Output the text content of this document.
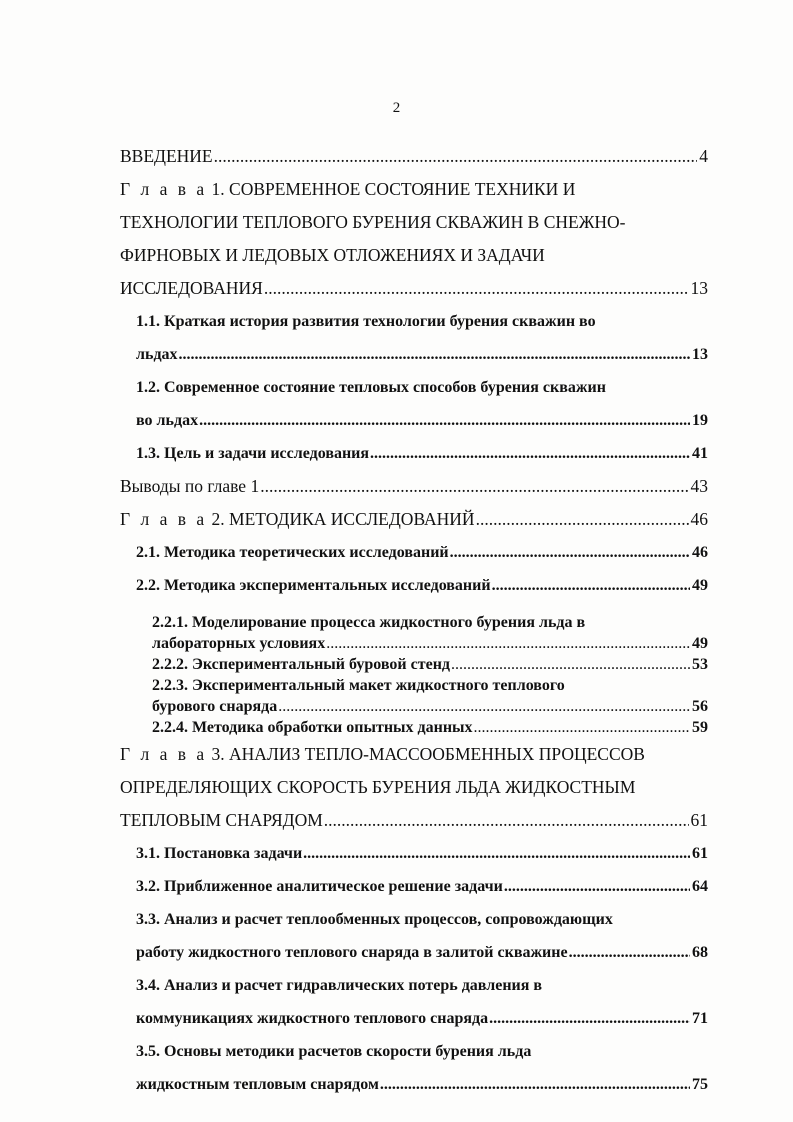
2
ВВЕДЕНИЕ .....	4
Г л а в а 1. СОВРЕМЕННОЕ СОСТОЯНИЕ ТЕХНИКИ И
ТЕХНОЛОГИИ ТЕПЛОВОГО БУРЕНИЯ СКВАЖИН В СНЕЖНО-
ФИРНОВЫХ И ЛЕДОВЫХ ОТЛОЖЕНИЯХ И ЗАДАЧИ
ИССЛЕДОВАНИЯ .....	13
1.1. Краткая история развития технологии бурения скважин во
льдах .....	13
1.2. Современное состояние тепловых способов бурения скважин
во льдах .....	19
1.3. Цель и задачи исследования .....	41
Выводы по главе 1 .....	43
Г л а в а 2. МЕТОДИКА ИССЛЕДОВАНИЙ .....	46
2.1. Методика теоретических исследований .....	46
2.2. Методика экспериментальных исследований .....	49
2.2.1. Моделирование процесса жидкостного бурения льда в
лабораторных условиях .....	49
2.2.2. Экспериментальный буровой стенд .....	53
2.2.3. Экспериментальный макет жидкостного теплового
бурового снаряда .....	56
2.2.4. Методика обработки опытных данных .....	59
Г л а в а 3. АНАЛИЗ ТЕПЛО-МАССООБМЕННЫХ ПРОЦЕССОВ
ОПРЕДЕЛЯЮЩИХ СКОРОСТЬ БУРЕНИЯ ЛЬДА ЖИДКОСТНЫМ
ТЕПЛОВЫМ СНАРЯДОМ .....	61
3.1. Постановка задачи .....	61
3.2. Приближенное аналитическое решение задачи .....	64
3.3. Анализ и расчет теплообменных процессов, сопровождающих
работу жидкостного теплового снаряда в залитой скважине .....	68
3.4. Анализ и расчет гидравлических потерь давления в
коммуникациях жидкостного теплового снаряда .....	71
3.5. Основы методики расчетов скорости бурения льда
жидкостным тепловым снарядом .....	75
